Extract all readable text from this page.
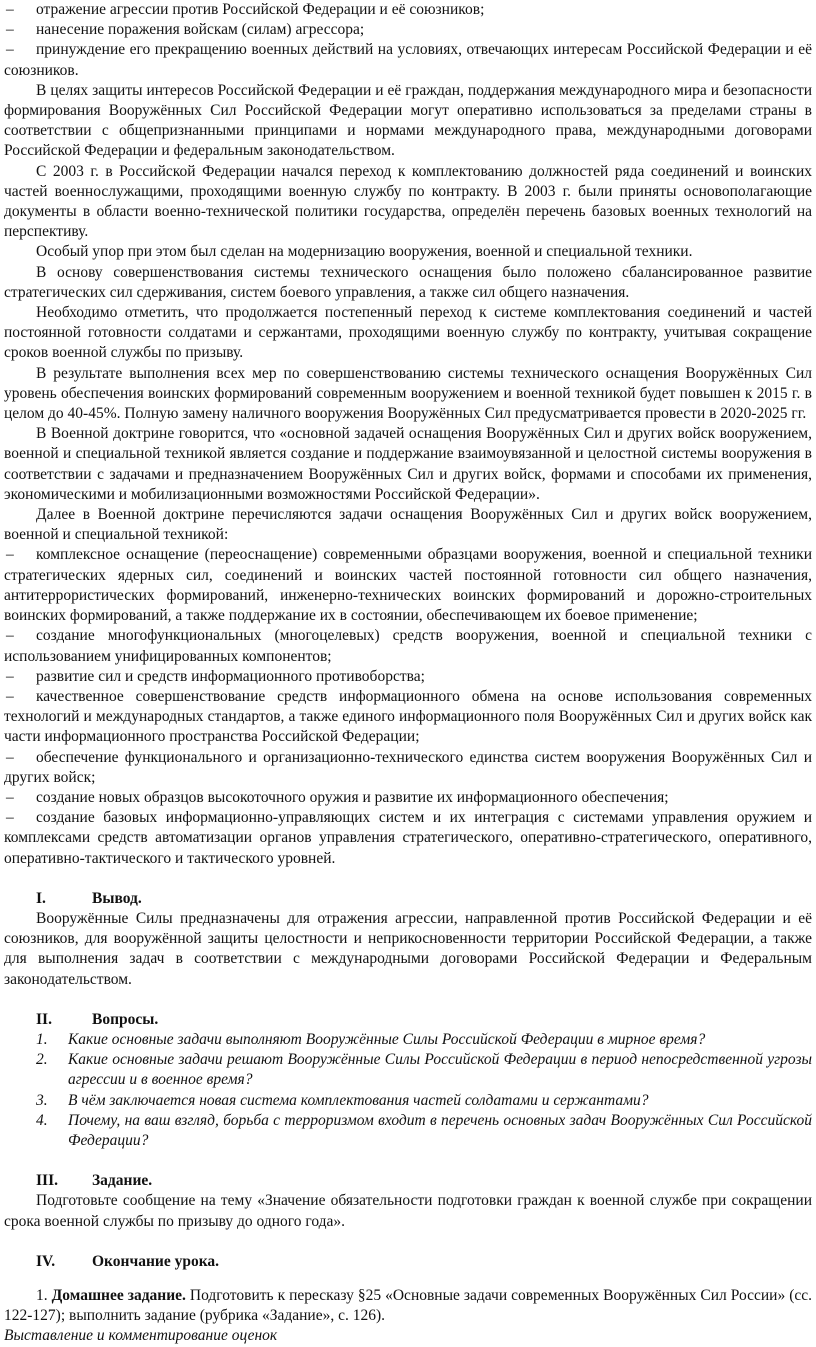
– отражение агрессии против Российской Федерации и её союзников;

– нанесение поражения войскам (силам) агрессора;

– принуждение его прекращению военных действий на условиях, отвечающих интересам Российской Федерации и её союзников.

В целях защиты интересов Российской Федерации и её граждан, поддержания международного мира и безопасности формирования Вооружённых Сил Российской Федерации могут оперативно использоваться за пределами страны в соответствии с общепризнанными принципами и нормами международного права, международными договорами Российской Федерации и федеральным законодательством.

С 2003 г. в Российской Федерации начался переход к комплектованию должностей ряда соединений и воинских частей военнослужащими, проходящими военную службу по контракту. В 2003 г. были приняты основополагающие документы в области военно-технической политики государства, определён перечень базовых военных технологий на перспективу.

Особый упор при этом был сделан на модернизацию вооружения, военной и специальной техники.

В основу совершенствования системы технического оснащения было положено сбалансированное развитие стратегических сил сдерживания, систем боевого управления, а также сил общего назначения.

Необходимо отметить, что продолжается постепенный переход к системе комплектования соединений и частей постоянной готовности солдатами и сержантами, проходящими военную службу по контракту, учитывая сокращение сроков военной службы по призыву.

В результате выполнения всех мер по совершенствованию системы технического оснащения Вооружённых Сил уровень обеспечения воинских формирований современным вооружением и военной техникой будет повышен к 2015 г. в целом до 40-45%. Полную замену наличного вооружения Вооружённых Сил предусматривается провести в 2020-2025 гг.

В Военной доктрине говорится, что «основной задачей оснащения Вооружённых Сил и других войск вооружением, военной и специальной техникой является создание и поддержание взаимоувязанной и целостной системы вооружения в соответствии с задачами и предназначением Вооружённых Сил и других войск, формами и способами их применения, экономическими и мобилизационными возможностями Российской Федерации».

Далее в Военной доктрине перечисляются задачи оснащения Вооружённых Сил и других войск вооружением, военной и специальной техникой:

– комплексное оснащение (переоснащение) современными образцами вооружения, военной и специальной техники стратегических ядерных сил, соединений и воинских частей постоянной готовности сил общего назначения, антитеррористических формирований, инженерно-технических воинских формирований и дорожно-строительных воинских формирований, а также поддержание их в состоянии, обеспечивающем их боевое применение;

– создание многофункциональных (многоцелевых) средств вооружения, военной и специальной техники с использованием унифицированных компонентов;

– развитие сил и средств информационного противоборства;

– качественное совершенствование средств информационного обмена на основе использования современных технологий и международных стандартов, а также единого информационного поля Вооружённых Сил и других войск как части информационного пространства Российской Федерации;

– обеспечение функционального и организационно-технического единства систем вооружения Вооружённых Сил и других войск;

– создание новых образцов высокоточного оружия и развитие их информационного обеспечения;

– создание базовых информационно-управляющих систем и их интеграция с системами управления оружием и комплексами средств автоматизации органов управления стратегического, оперативно-стратегического, оперативного, оперативно-тактического и тактического уровней.

I.	Вывод.

Вооружённые Силы предназначены для отражения агрессии, направленной против Российской Федерации и её союзников, для вооружённой защиты целостности и неприкосновенности территории Российской Федерации, а также для выполнения задач в соответствии с международными договорами Российской Федерации и Федеральным законодательством.

II.	Вопросы.
1.	Какие основные задачи выполняют Вооружённые Силы Российской Федерации в мирное время?
2.	Какие основные задачи решают Вооружённые Силы Российской Федерации в период непосредственной угрозы агрессии и в военное время?
3.	В чём заключается новая система комплектования частей солдатами и сержантами?
4.	Почему, на ваш взгляд, борьба с терроризмом входит в перечень основных задач Вооружённых Сил Российской Федерации?
III.	Задание.

Подготовьте сообщение на тему «Значение обязательности подготовки граждан к военной службе при сокращении срока военной службы по призыву до одного года».

IV.	Окончание урока.

1. Домашнее задание. Подготовить к пересказу §25 «Основные задачи современных Вооружённых Сил России» (сс. 122-127); выполнить задание (рубрика «Задание», с. 126).

Выставление и комментирование оценок
